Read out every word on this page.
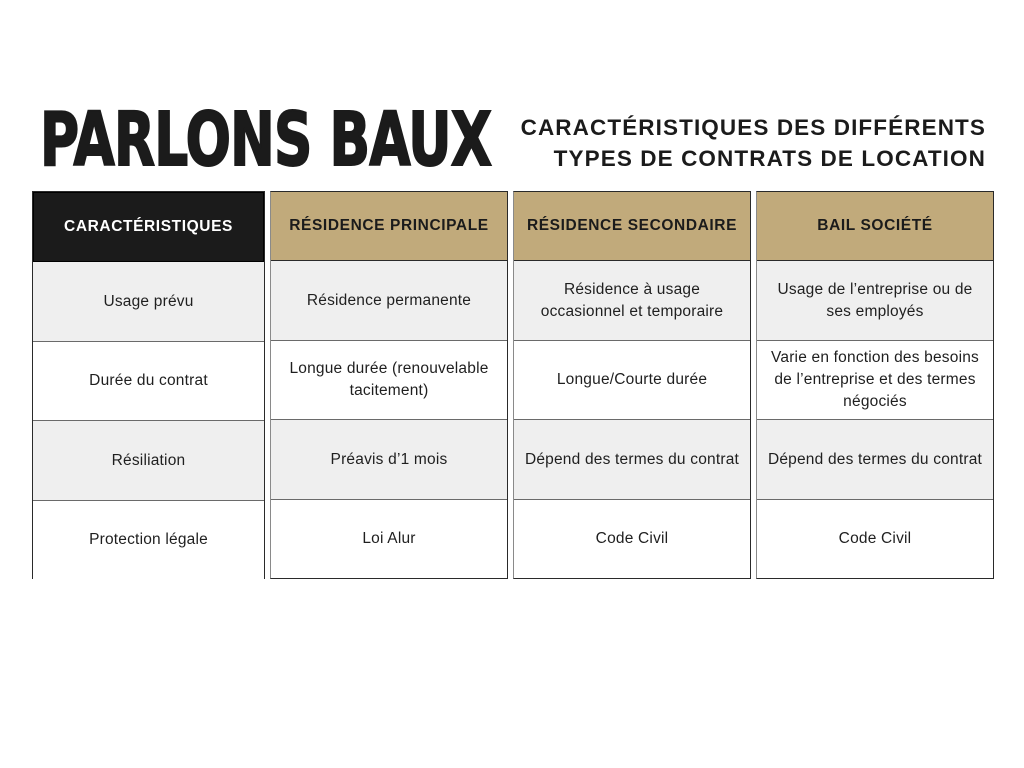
PARLONS BAUX CARACTÉRISTIQUES DES DIFFÉRENTS
TYPES DE CONTRATS DE LOCATION
CARACTÉRISTIQUES
Usage prévu
Durée du contrat
Résiliation
Protection légale
RÉSIDENCE PRINCIPALE
Résidence permanente
Longue durée (renouvelable tacitement)
Préavis d’1 mois
Loi Alur
RÉSIDENCE SECONDAIRE
Résidence à usage occasionnel et temporaire
Longue/Courte durée
Dépend des termes du contrat
Code Civil
BAIL SOCIÉTÉ
Usage de l’entreprise ou de ses employés
Varie en fonction des besoins de l’entreprise et des termes négociés
Dépend des termes du contrat
Code Civil
